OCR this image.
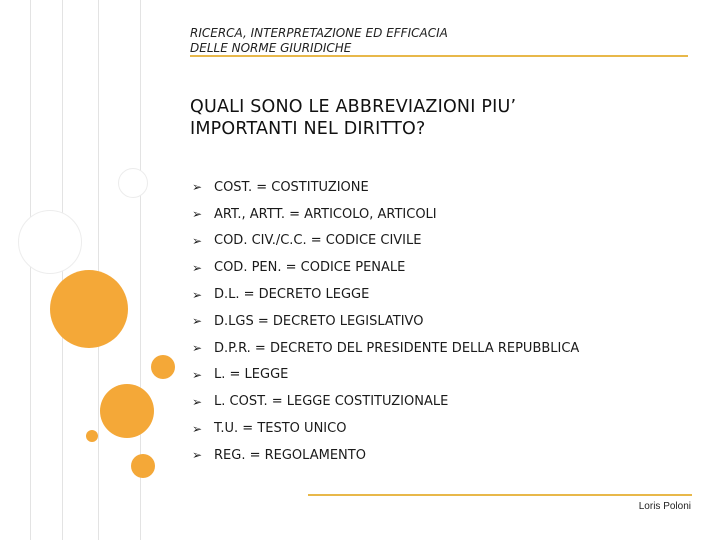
RICERCA, INTERPRETAZIONE ED EFFICACIA
DELLE NORME GIURIDICHE
QUALI SONO LE ABBREVIAZIONI PIU’
IMPORTANTI NEL DIRITTO?
➢ COST. = COSTITUZIONE
➢ ART., ARTT. = ARTICOLO, ARTICOLI
➢ COD. CIV./C.C. = CODICE CIVILE
➢ COD. PEN. = CODICE PENALE
➢ D.L. = DECRETO LEGGE
➢ D.LGS = DECRETO LEGISLATIVO
➢ D.P.R. = DECRETO DEL PRESIDENTE DELLA REPUBBLICA
➢ L. = LEGGE
➢ L. COST. = LEGGE COSTITUZIONALE
➢ T.U. = TESTO UNICO
➢ REG. = REGOLAMENTO
Loris Poloni
